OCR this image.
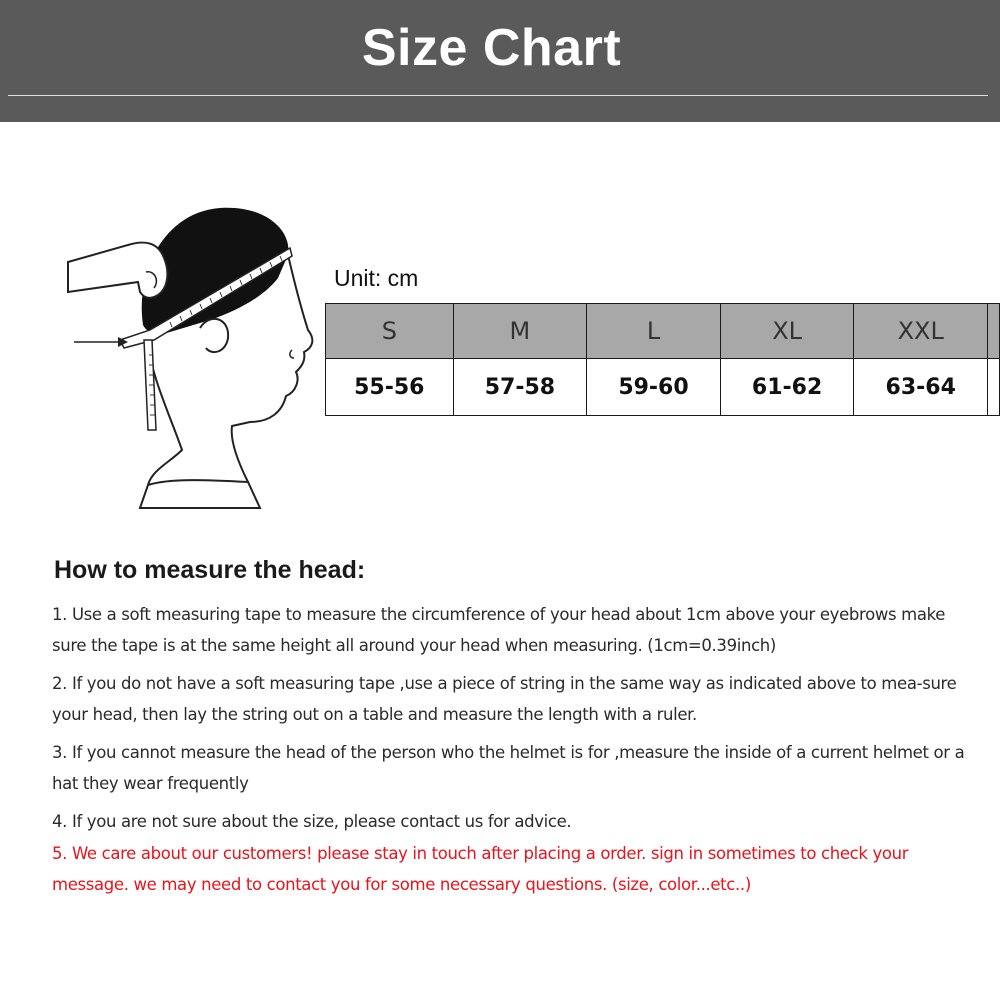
Size Chart
Unit: cm
S	M	L	XL	XXL	
55-56	57-58	59-60	61-62	63-64	
How to measure the head:

1. Use a soft measuring tape to measure the circumference of your head about 1cm above your eyebrows make sure the tape is at the same height all around your head when measuring. (1cm=0.39inch)

2. If you do not have a soft measuring tape ,use a piece of string in the same way as indicated above to mea-sure your head, then lay the string out on a table and measure the length with a ruler.

3. If you cannot measure the head of the person who the helmet is for ,measure the inside of a current helmet or a hat they wear frequently

4. If you are not sure about the size, please contact us for advice.

5. We care about our customers! please stay in touch after placing a order. sign in sometimes to check your message. we may need to contact you for some necessary questions. (size, color...etc..)
